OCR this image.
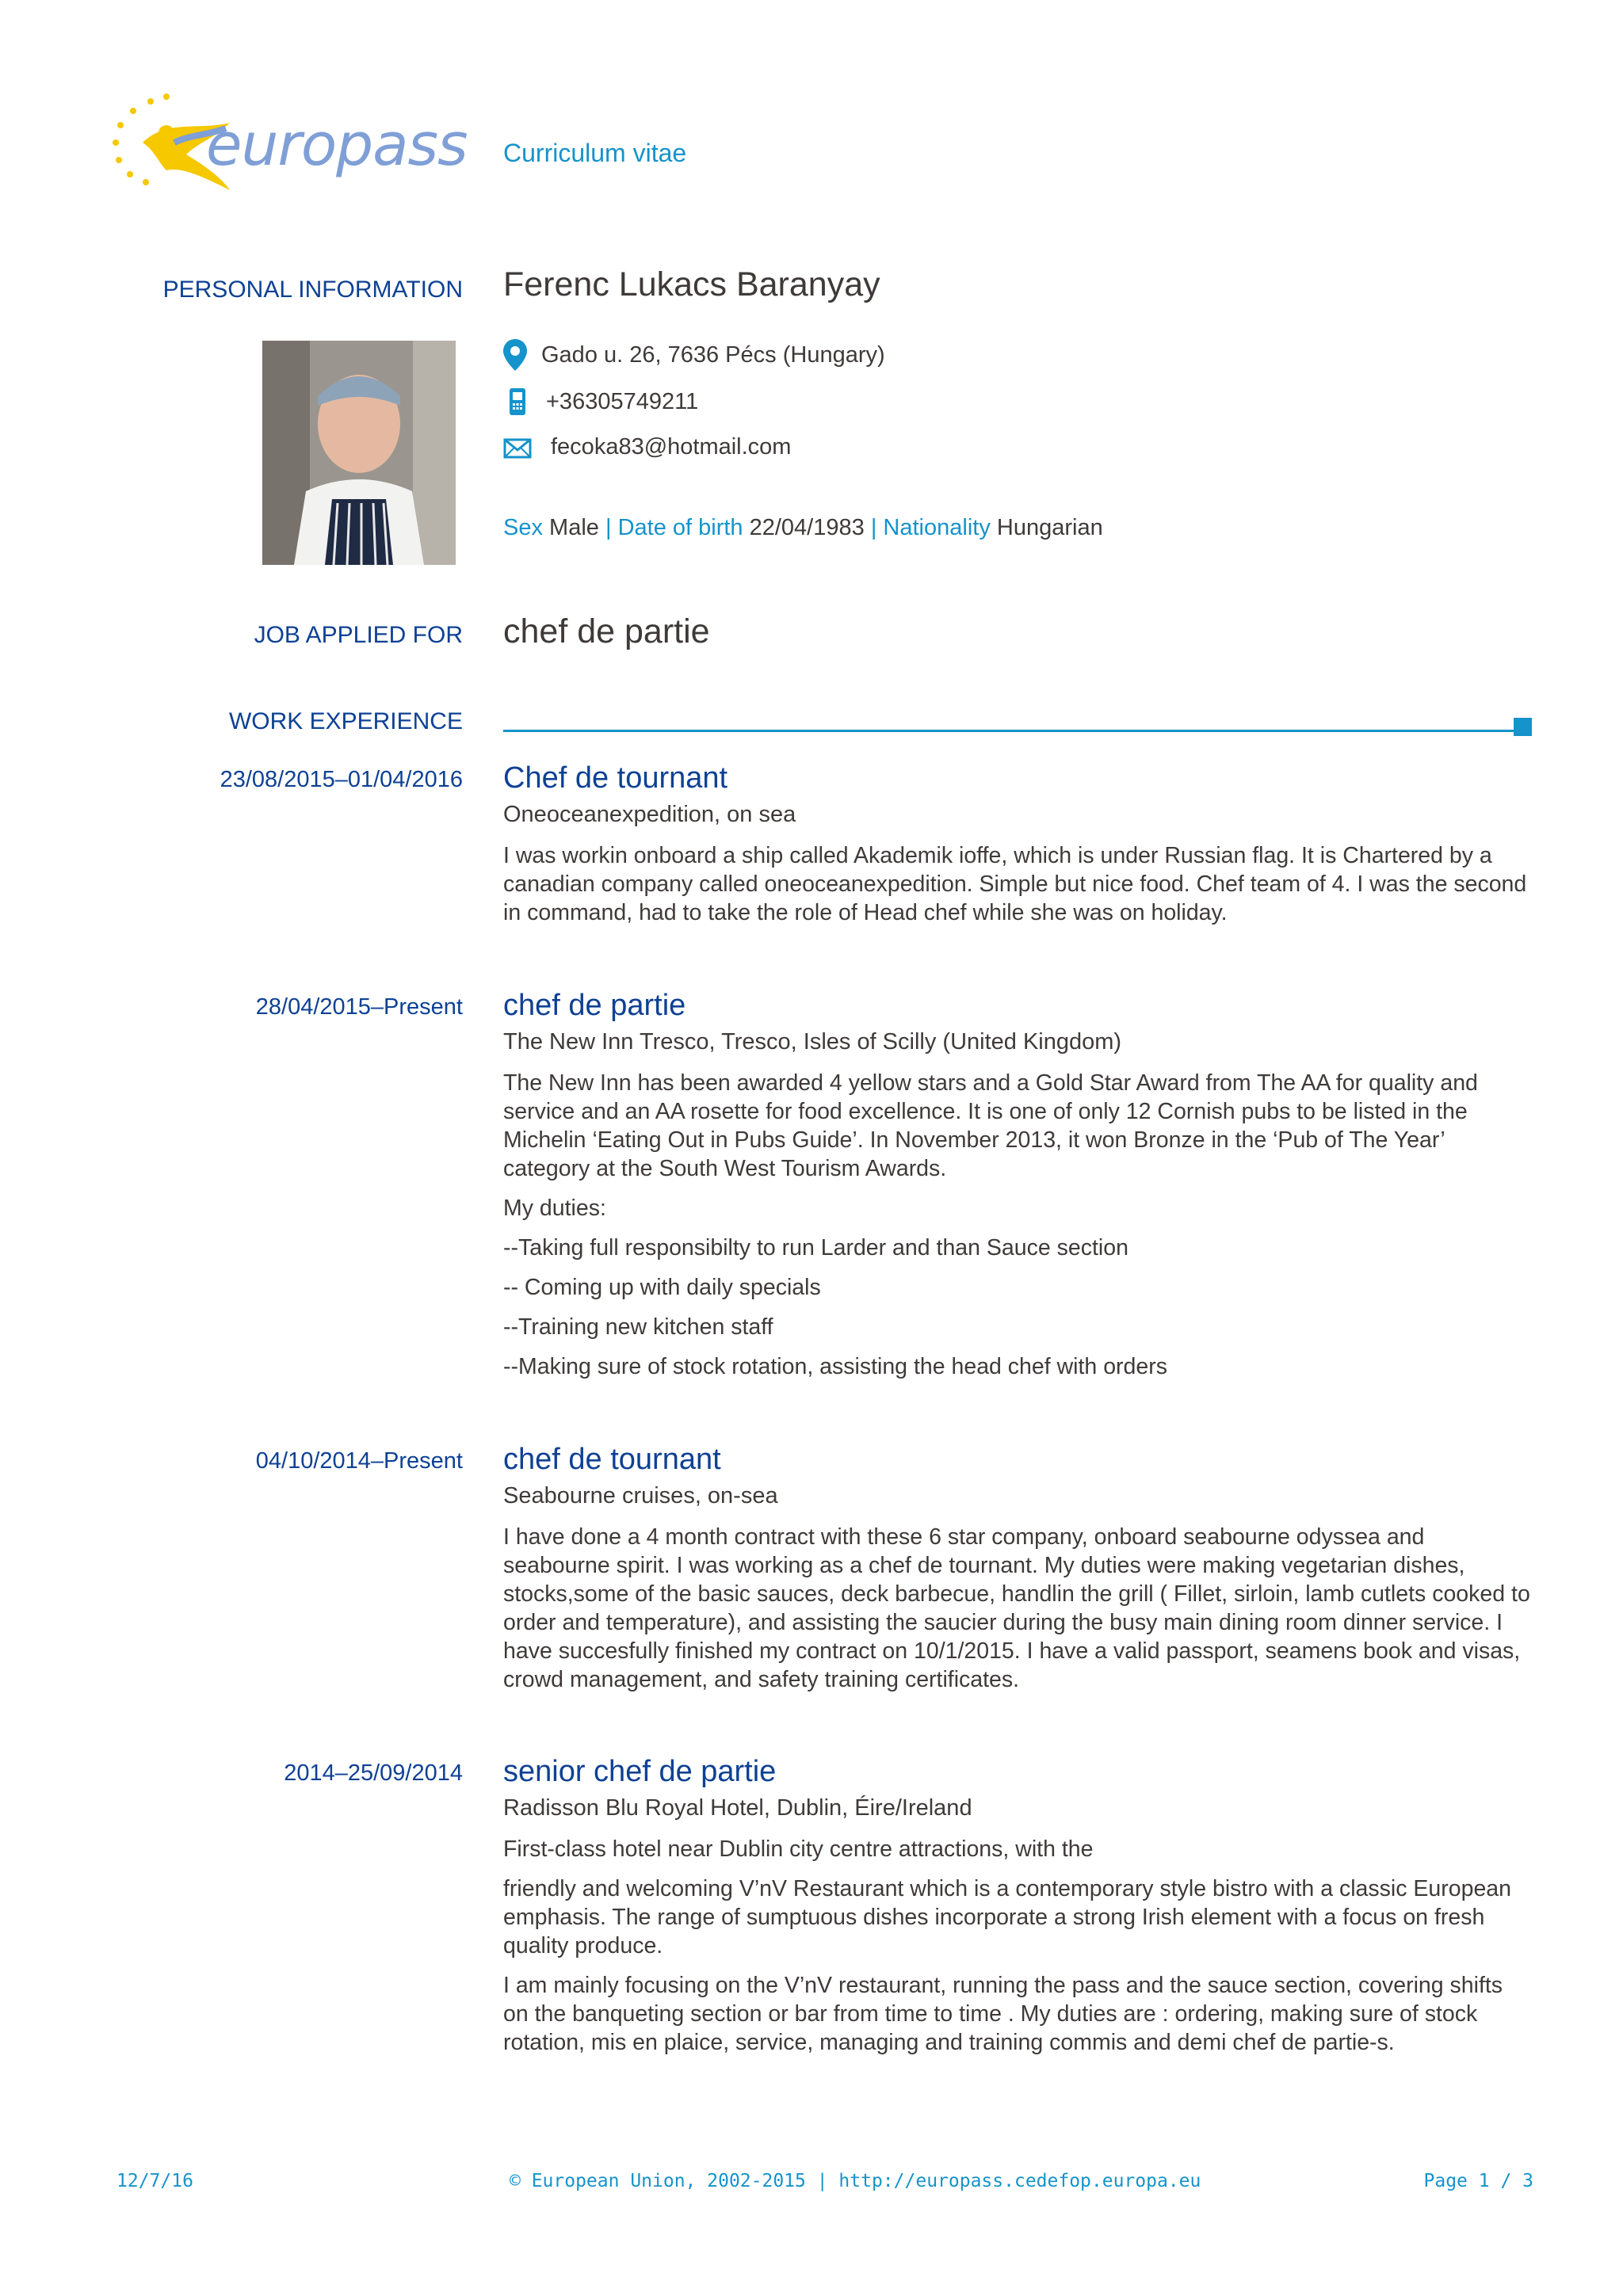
europass Curriculum vitae
PERSONAL INFORMATION Ferenc Lukacs Baranyay
Gado u. 26, 7636 Pécs (Hungary)
+36305749211
fecoka83@hotmail.com
Sex Male | Date of birth 22/04/1983 | Nationality Hungarian
JOB APPLIED FOR chef de partie
WORK EXPERIENCE
23/08/2015–01/04/2016 Chef de tournant
Oneoceanexpedition, on sea

I was workin onboard a ship called Akademik ioffe, which is under Russian flag. It is Chartered by a canadian company called oneoceanexpedition. Simple but nice food. Chef team of 4. I was the second in command, had to take the role of Head chef while she was on holiday.

28/04/2015–Present chef de partie
The New Inn Tresco, Tresco, Isles of Scilly (United Kingdom)

The New Inn has been awarded 4 yellow stars and a Gold Star Award from The AA for quality and service and an AA rosette for food excellence. It is one of only 12 Cornish pubs to be listed in the Michelin ‘Eating Out in Pubs Guide’. In November 2013, it won Bronze in the ‘Pub of The Year’ category at the South West Tourism Awards.

My duties:

--Taking full responsibilty to run Larder and than Sauce section

-- Coming up with daily specials

--Training new kitchen staff

--Making sure of stock rotation, assisting the head chef with orders

04/10/2014–Present chef de tournant
Seabourne cruises, on-sea

I have done a 4 month contract with these 6 star company, onboard seabourne odyssea and seabourne spirit. I was working as a chef de tournant. My duties were making vegetarian dishes, stocks,some of the basic sauces, deck barbecue, handlin the grill ( Fillet, sirloin, lamb cutlets cooked to order and temperature), and assisting the saucier during the busy main dining room dinner service. I have succesfully finished my contract on 10/1/2015. I have a valid passport, seamens book and visas, crowd management, and safety training certificates.

2014–25/09/2014 senior chef de partie
Radisson Blu Royal Hotel, Dublin, Éire/Ireland

First-class hotel near Dublin city centre attractions, with the

friendly and welcoming V’nV Restaurant which is a contemporary style bistro with a classic European emphasis. The range of sumptuous dishes incorporate a strong Irish element with a focus on fresh quality produce.

I am mainly focusing on the V’nV restaurant, running the pass and the sauce section, covering shifts on the banqueting section or bar from time to time . My duties are : ordering, making sure of stock rotation, mis en plaice, service, managing and training commis and demi chef de partie-s.

12/7/16	© European Union, 2002-2015 | http://europass.cedefop.europa.eu	Page 1 / 3
